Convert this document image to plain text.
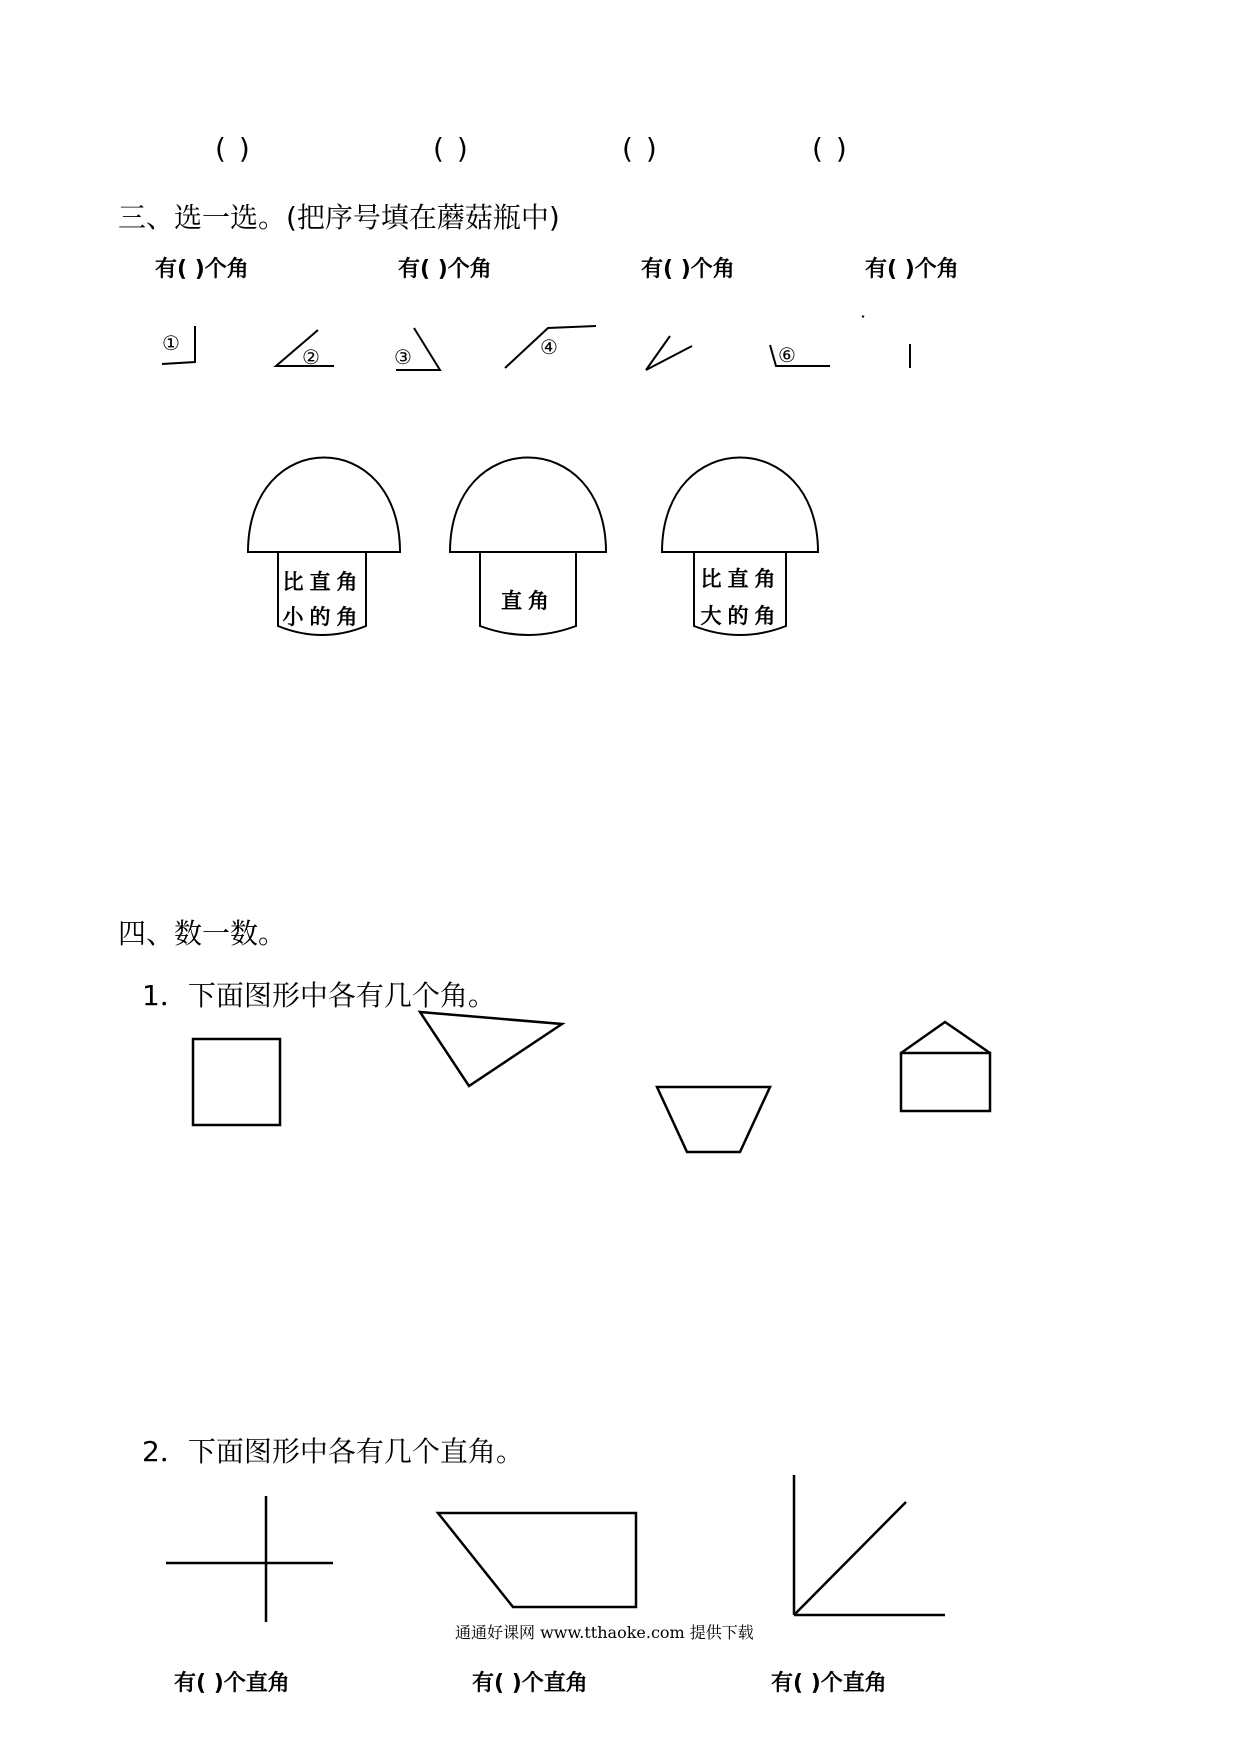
( )	( )	( )	( )
三、选一选。(把序号填在蘑菇瓶中)
有( )个角	有( )个角	有( )个角	有( )个角
①
②	③	④	⑥
比直角
小的角
直角
比直角
大的角
四、数一数。
1．下面图形中各有几个角。
2．下面图形中各有几个直角。
通通好课网 www.tthaoke.com 提供下载
有( )个直角	有( )个直角	有( )个直角
